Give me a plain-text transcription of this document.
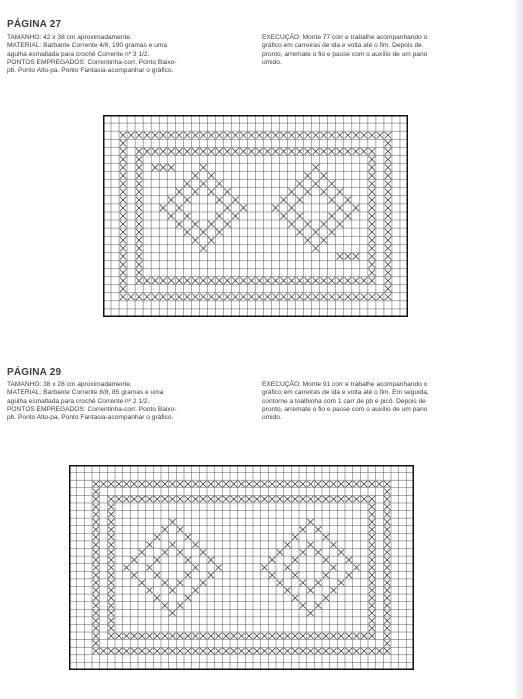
PÁGINA 27
TAMANHO: 42 x 38 cm aproximadamente.
MATERIAL: Barbante Corrente 4/6, 190 gramas e uma
agulha esmaltada para crochê Corrente nº 3 1/2.
PONTOS EMPREGADOS: Correntinha-corr. Ponto Baixo-
pb. Ponto Alto-pa. Ponto Fantasia-acompanhar o gráfico.
EXECUÇÃO: Monte 77 corr e trabalhe acompanhando o
gráfico em carreiras de ida e volta até o fim. Depois de
pronto, arremate o fio e passe com o auxílio de um pano
úmido.
PÁGINA 29
TAMANHO: 38 x 28 cm aproximadamente.
MATERIAL: Barbante Corrente 8/8, 85 gramas e uma
agulha esmaltada para crochê Corrente nº 2 1/2.
PONTOS EMPREGADOS: Correntinha-corr. Ponto Baixo-
pb. Ponto Alto-pa. Ponto Fantasia-acompanhar o gráfico.
EXECUÇÃO: Monte 91 corr e trabalhe acompanhando o
gráfico em carreiras de ida e volta até o fim. Em seguida,
contorne a toalhinha com 1 carr de pb e picô. Depois de
pronto, arremate o fio e passe com o auxílio de um pano
úmido.
